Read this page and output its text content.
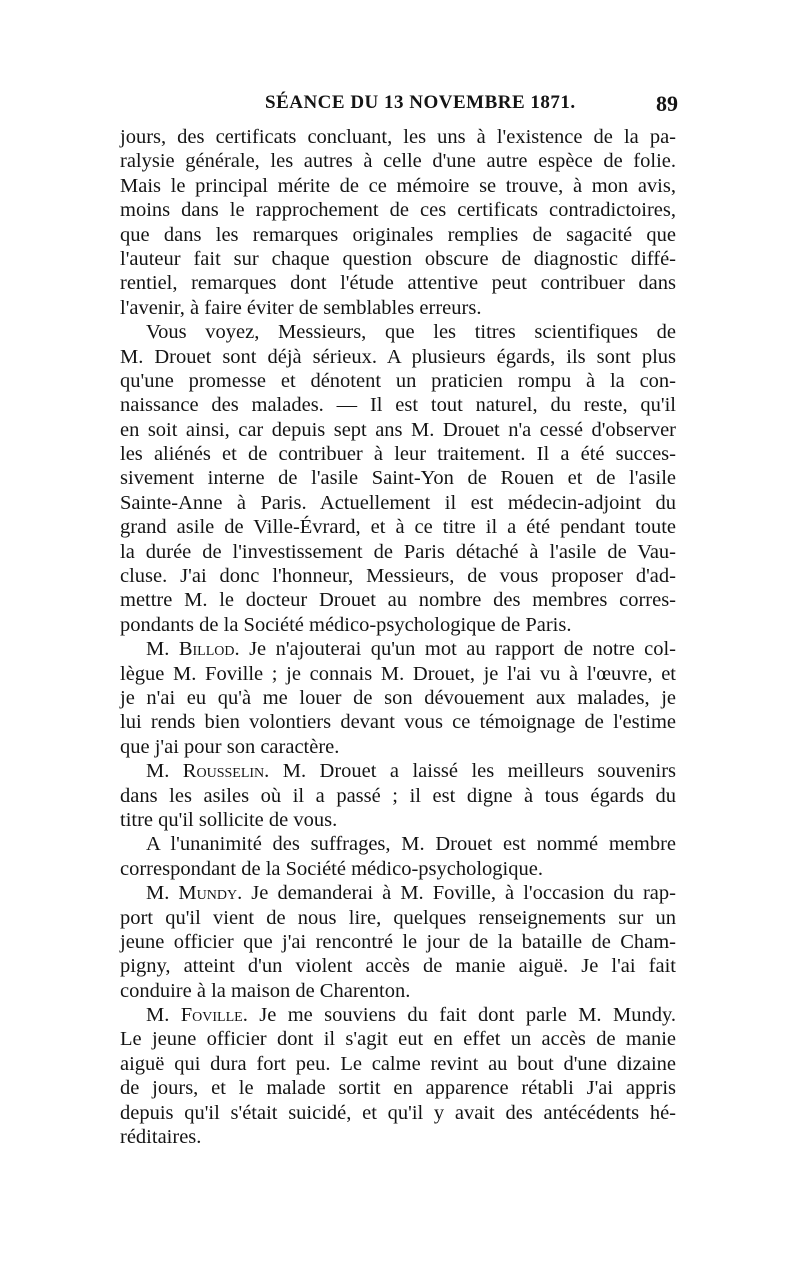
SÉANCE DU 13 NOVEMBRE 1871.	89
jours, des certificats concluant, les uns à l'existence de la pa-
ralysie générale, les autres à celle d'une autre espèce de folie.
Mais le principal mérite de ce mémoire se trouve, à mon avis,
moins dans le rapprochement de ces certificats contradictoires,
que dans les remarques originales remplies de sagacité que
l'auteur fait sur chaque question obscure de diagnostic diffé-
rentiel, remarques dont l'étude attentive peut contribuer dans
l'avenir, à faire éviter de semblables erreurs.
Vous voyez, Messieurs, que les titres scientifiques de
M. Drouet sont déjà sérieux. A plusieurs égards, ils sont plus
qu'une promesse et dénotent un praticien rompu à la con-
naissance des malades. — Il est tout naturel, du reste, qu'il
en soit ainsi, car depuis sept ans M. Drouet n'a cessé d'observer
les aliénés et de contribuer à leur traitement. Il a été succes-
sivement interne de l'asile Saint-Yon de Rouen et de l'asile
Sainte-Anne à Paris. Actuellement il est médecin-adjoint du
grand asile de Ville-Évrard, et à ce titre il a été pendant toute
la durée de l'investissement de Paris détaché à l'asile de Vau-
cluse. J'ai donc l'honneur, Messieurs, de vous proposer d'ad-
mettre M. le docteur Drouet au nombre des membres corres-
pondants de la Société médico-psychologique de Paris.
M. Billod. Je n'ajouterai qu'un mot au rapport de notre col-
lègue M. Foville ; je connais M. Drouet, je l'ai vu à l'œuvre, et
je n'ai eu qu'à me louer de son dévouement aux malades, je
lui rends bien volontiers devant vous ce témoignage de l'estime
que j'ai pour son caractère.
M. Rousselin. M. Drouet a laissé les meilleurs souvenirs
dans les asiles où il a passé ; il est digne à tous égards du
titre qu'il sollicite de vous.
A l'unanimité des suffrages, M. Drouet est nommé membre
correspondant de la Société médico-psychologique.
M. Mundy. Je demanderai à M. Foville, à l'occasion du rap-
port qu'il vient de nous lire, quelques renseignements sur un
jeune officier que j'ai rencontré le jour de la bataille de Cham-
pigny, atteint d'un violent accès de manie aiguë. Je l'ai fait
conduire à la maison de Charenton.
M. Foville. Je me souviens du fait dont parle M. Mundy.
Le jeune officier dont il s'agit eut en effet un accès de manie
aiguë qui dura fort peu. Le calme revint au bout d'une dizaine
de jours, et le malade sortit en apparence rétabli J'ai appris
depuis qu'il s'était suicidé, et qu'il y avait des antécédents hé-
réditaires.
